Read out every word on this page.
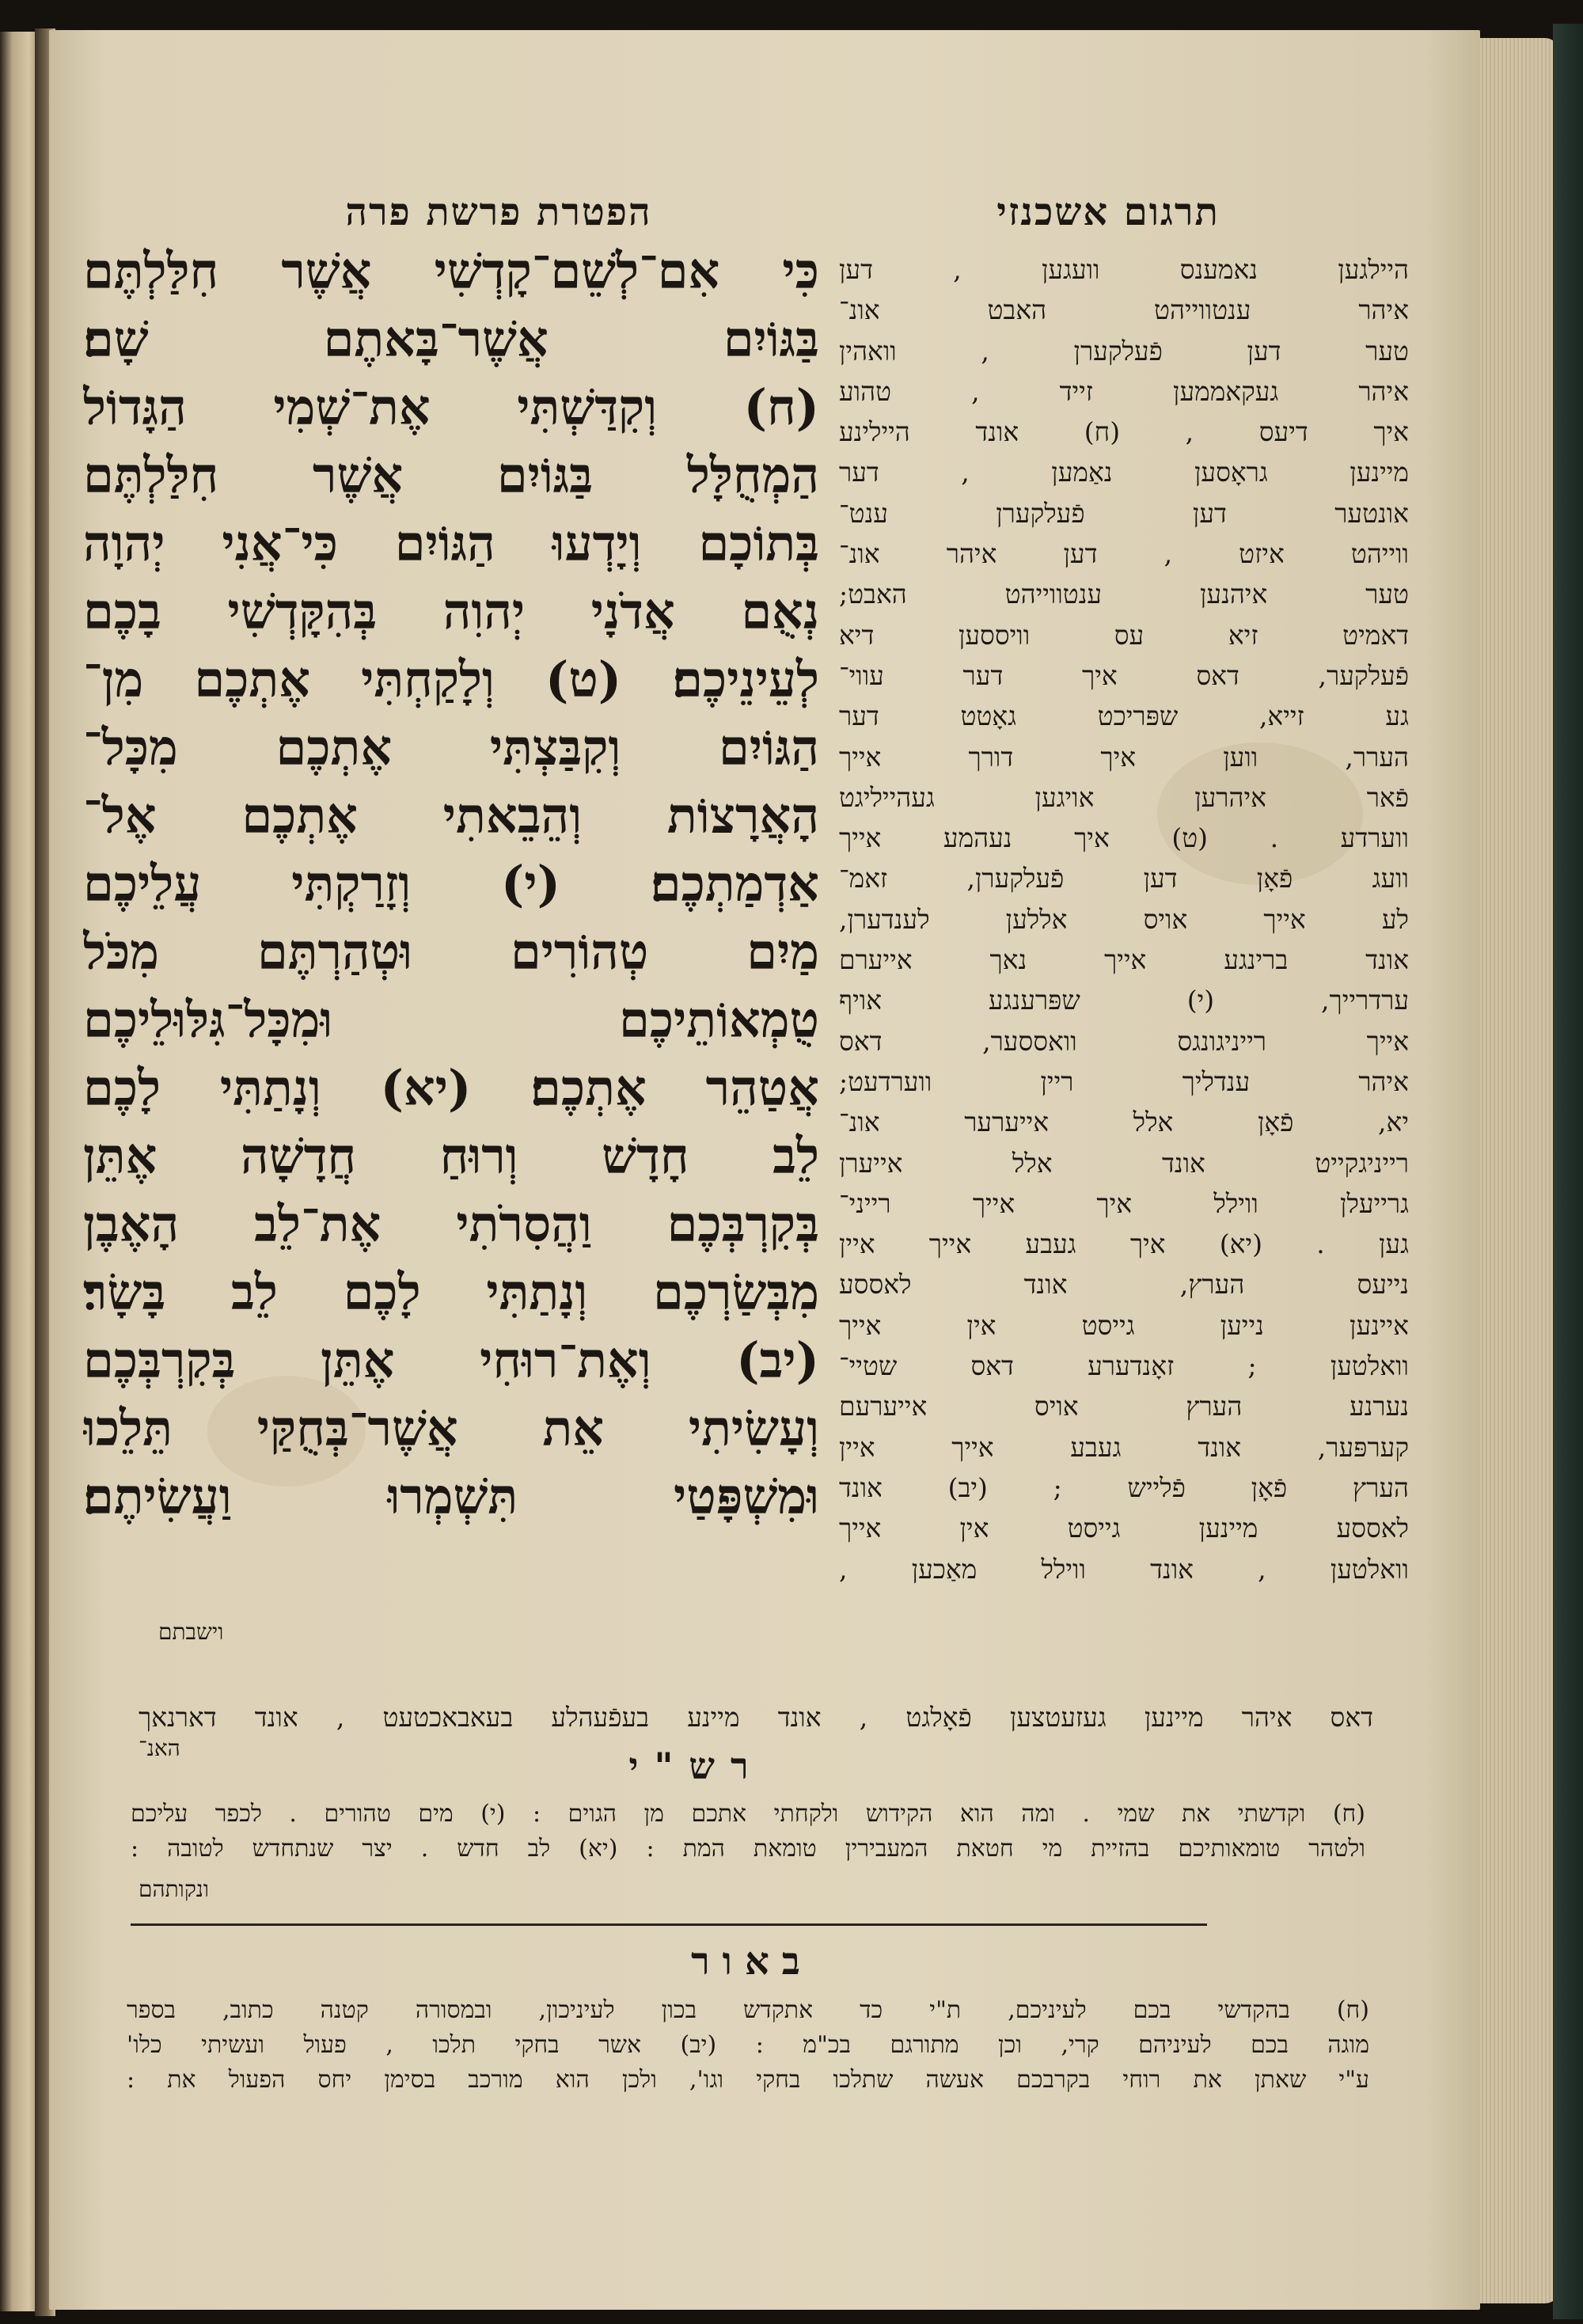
הפטרת פרשת פרה	תרגום אשכנזי
כִּי אִם־לְשֵׁם־קָדְשִׁי אֲשֶׁר חִלַּלְתֶּם
בַּגּוֹיִם אֲשֶׁר־בָּאתֶם שָׁם׃
(ח) וְקִדַּשְׁתִּי אֶת־שְׁמִי הַגָּדוֹל
הַמְחֻלָּל בַּגּוֹיִם אֲשֶׁר חִלַּלְתֶּם
בְּתוֹכָם וְיָדְעוּ הַגּוֹיִם כִּי־אֲנִי יְהוָה
נְאֻם אֲדֹנָי יְהוִה בְּהִקָּדְשִׁי בָכֶם
לְעֵינֵיכֶם׃ (ט) וְלָקַחְתִּי אֶתְכֶם מִן־
הַגּוֹיִם וְקִבַּצְתִּי אֶתְכֶם מִכָּל־
הָאֲרָצוֹת וְהֵבֵאתִי אֶתְכֶם אֶל־
אַדְמַתְכֶם׃ (י) וְזָרַקְתִּי עֲלֵיכֶם
מַיִם טְהוֹרִים וּטְהַרְתֶּם מִכֹּל
טֻמְאוֹתֵיכֶם וּמִכָּל־גִּלּוּלֵיכֶם
אֲטַהֵר אֶתְכֶם׃ (יא) וְנָתַתִּי לָכֶם
לֵב חָדָשׁ וְרוּחַ חֲדָשָׁה אֶתֵּן
בְּקִרְבְּכֶם וַהֲסִרֹתִי אֶת־לֵב הָאֶבֶן
מִבְּשַׂרְכֶם וְנָתַתִּי לָכֶם לֵב בָּשָׂר׃
(יב) וְאֶת־רוּחִי אֶתֵּן בְּקִרְבְּכֶם
וְעָשִׂיתִי אֵת אֲשֶׁר־בְּחֻקַּי תֵּלֵכוּ
וּמִשְׁפָּטַי תִּשְׁמְרוּ וַעֲשִׂיתֶם׃
וישבתם
היילגען נאמענס וועגען , דען
איהר ענטווייהט האבט אונ־
טער דען פֿעלקערן , וואהין
איהר געקאממען זייד , טהוע
איך דיעס , (ח) אונד היילינע
מיינען גראָסען נאַמען , דער
אונטער דען פֿעלקערן ענט־
ווייהט איזט , דען איהר אונ־
טער איהנען ענטווייהט האבט;
דאמיט זיא עס וויססען דיא
פֿעלקער, דאס איך דער עווי־
גע זייא, שפּריכט גאָטט דער
הערר, ווען איך דורך אייך
פֿאר איהרען אויגען געהייליגט
ווערדע . (ט) איך נעהמע אייך
וועג פֿאָן דען פֿעלקערן, זאמ־
לע אייך אויס אללען לענדערן,
אונד ברינגע אייך נאך אייערם
ערדרייך, (י) שפּרענגע אויף
אייך רייניגונגס וואססער, דאס
איהר ענדליך ריין ווערדעט;
יא, פֿאָן אלל אייערער אונ־
רייניגקייט אונד אלל אייערן
גרייעלן ווילל איך אייך רייני־
גען . (יא) איך געבע אייך איין
נייעס הערץ, אונד לאססע
איינען נייען גייסט אין אייך
וואלטען ; זאָנדערע דאס שטיי־
נערנע הערץ אויס אייערעם
קערפּער, אונד געבע אייך איין
הערץ פֿאָן פֿלייש ; (יב) אונד
לאססע מיינען גייסט אין אייך
וואלטען , אונד ווילל מאַכען ,
דאס איהר מיינען געזעטצען פֿאָלגט , אונד מיינע בעפֿעהלע בעאבאכטעט , אונד דארנאך
האנ־	רש"י
(ח) וקדשתי את שמי . ומה הוא הקידוש ולקחתי אתכם מן הגוים : (י) מים טהורים . לכפר עליכם
ולטהר טומאותיכם בהזיית מי חטאת המעבירין טומאת המת : (יא) לב חדש . יצר שנתחדש לטובה :
ונקותהם
באור
(ח) בהקדשי בכם לעיניכם, ת"י כד אתקדש בכון לעיניכון, ובמסורה קטנה כתוב, בספר
מוגה בכם לעיניהם קרי, וכן מתורגם בכ"מ : (יב) אשר בחקי תלכו , פעול ועשיתי כלו'
ע"י שאתן את רוחי בקרבכם אעשה שתלכו בחקי וגו', ולכן הוא מורכב בסימן יחס הפעול את :
